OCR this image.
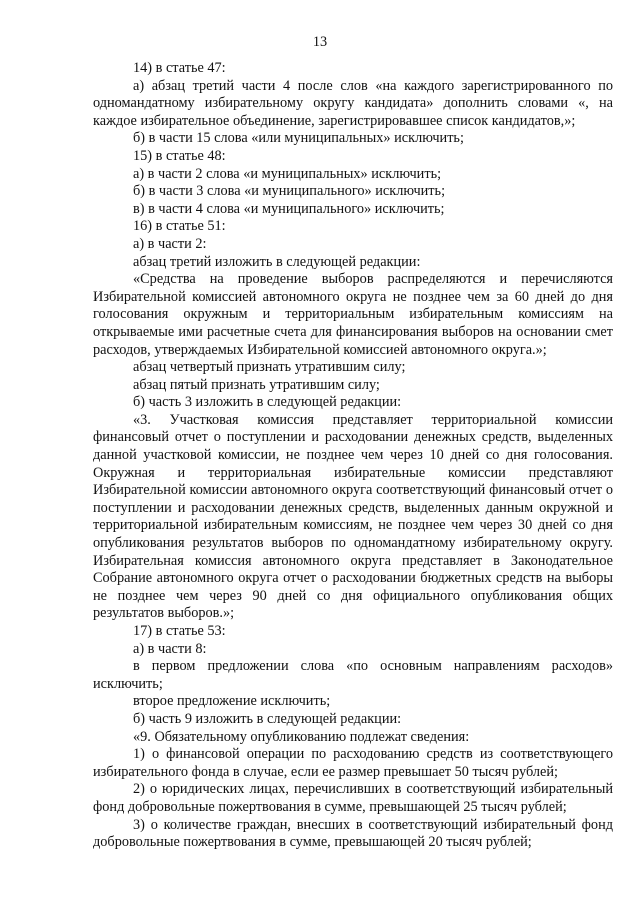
13

14) в статье 47:

а) абзац третий части 4 после слов «на каждого зарегистрированного по одномандатному избирательному округу кандидата» дополнить словами «, на каждое избирательное объединение, зарегистрировавшее список кандидатов,»;

б) в части 15 слова «или муниципальных» исключить;

15) в статье 48:

а) в части 2 слова «и муниципальных» исключить;

б) в части 3 слова «и муниципального» исключить;

в) в части 4 слова «и муниципального» исключить;

16) в статье 51:

а) в части 2:

абзац третий изложить в следующей редакции:

«Средства на проведение выборов распределяются и перечисляются Избирательной комиссией автономного округа не позднее чем за 60 дней до дня голосования окружным и территориальным избирательным комиссиям на открываемые ими расчетные счета для финансирования выборов на основании смет расходов, утверждаемых Избирательной комиссией автономного округа.»;

абзац четвертый признать утратившим силу;

абзац пятый признать утратившим силу;

б) часть 3 изложить в следующей редакции:

«3. Участковая комиссия представляет территориальной комиссии финансовый отчет о поступлении и расходовании денежных средств, выделенных данной участковой комиссии, не позднее чем через 10 дней со дня голосования. Окружная и территориальная избирательные комиссии представляют Избирательной комиссии автономного округа соответствующий финансовый отчет о поступлении и расходовании денежных средств, выделенных данным окружной и территориальной избирательным комиссиям, не позднее чем через 30 дней со дня опубликования результатов выборов по одномандатному избирательному округу. Избирательная комиссия автономного округа представляет в Законодательное Собрание автономного округа отчет о расходовании бюджетных средств на выборы не позднее чем через 90 дней со дня официального опубликования общих результатов выборов.»;

17) в статье 53:

а) в части 8:

в первом предложении слова «по основным направлениям расходов» исключить;

второе предложение исключить;

б) часть 9 изложить в следующей редакции:

«9. Обязательному опубликованию подлежат сведения:

1) о финансовой операции по расходованию средств из соответствующего избирательного фонда в случае, если ее размер превышает 50 тысяч рублей;

2) о юридических лицах, перечисливших в соответствующий избирательный фонд добровольные пожертвования в сумме, превышающей 25 тысяч рублей;

3) о количестве граждан, внесших в соответствующий избирательный фонд добровольные пожертвования в сумме, превышающей 20 тысяч рублей;
